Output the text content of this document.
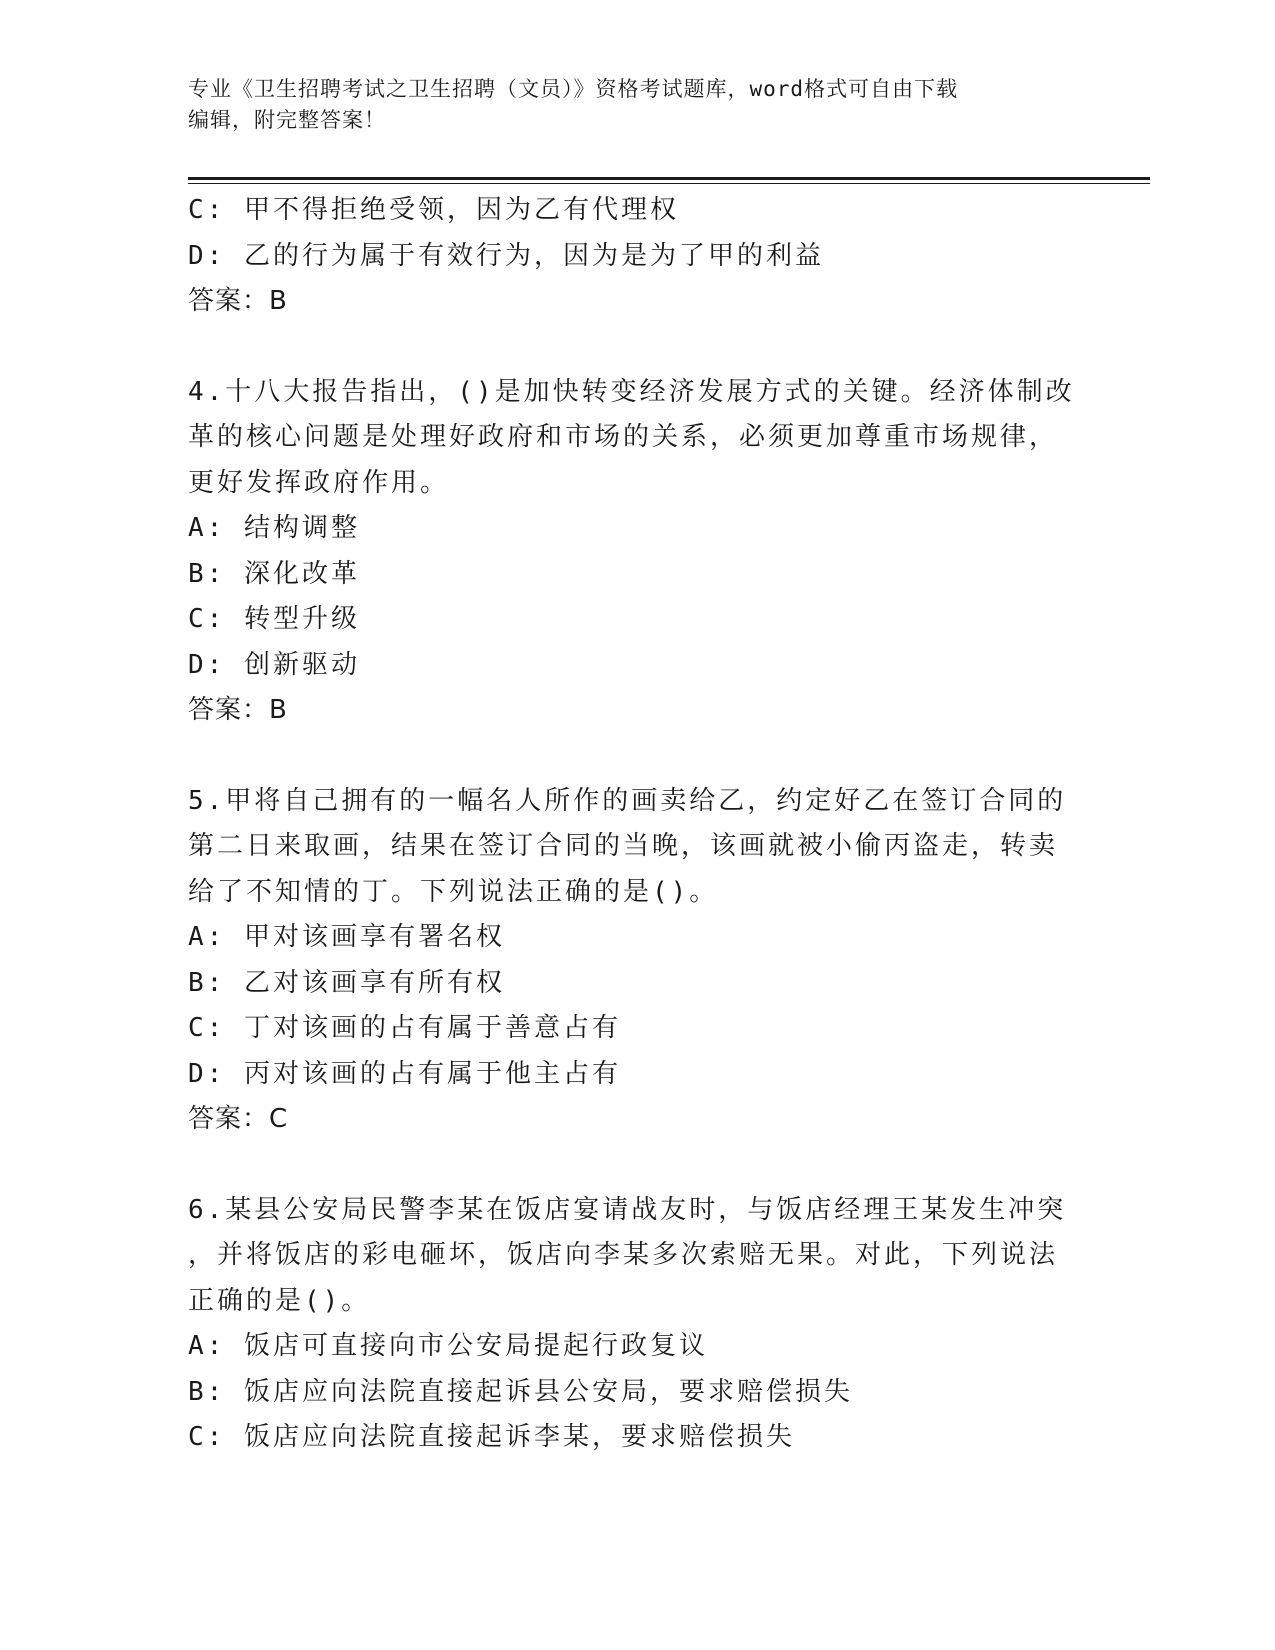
专业《卫生招聘考试之卫生招聘（文员）》资格考试题库，word格式可自由下载
编辑，附完整答案！

C: 甲不得拒绝受领，因为乙有代理权

D: 乙的行为属于有效行为，因为是为了甲的利益

答案：B

4.十八大报告指出，()是加快转变经济发展方式的关键。经济体制改

革的核心问题是处理好政府和市场的关系，必须更加尊重市场规律，

更好发挥政府作用。

A: 结构调整

B: 深化改革

C: 转型升级

D: 创新驱动

答案：B

5.甲将自己拥有的一幅名人所作的画卖给乙，约定好乙在签订合同的

第二日来取画，结果在签订合同的当晚，该画就被小偷丙盗走，转卖

给了不知情的丁。下列说法正确的是()。

A: 甲对该画享有署名权

B: 乙对该画享有所有权

C: 丁对该画的占有属于善意占有

D: 丙对该画的占有属于他主占有

答案：C

6.某县公安局民警李某在饭店宴请战友时，与饭店经理王某发生冲突

，并将饭店的彩电砸坏，饭店向李某多次索赔无果。对此，下列说法

正确的是()。

A: 饭店可直接向市公安局提起行政复议

B: 饭店应向法院直接起诉县公安局，要求赔偿损失

C: 饭店应向法院直接起诉李某，要求赔偿损失
